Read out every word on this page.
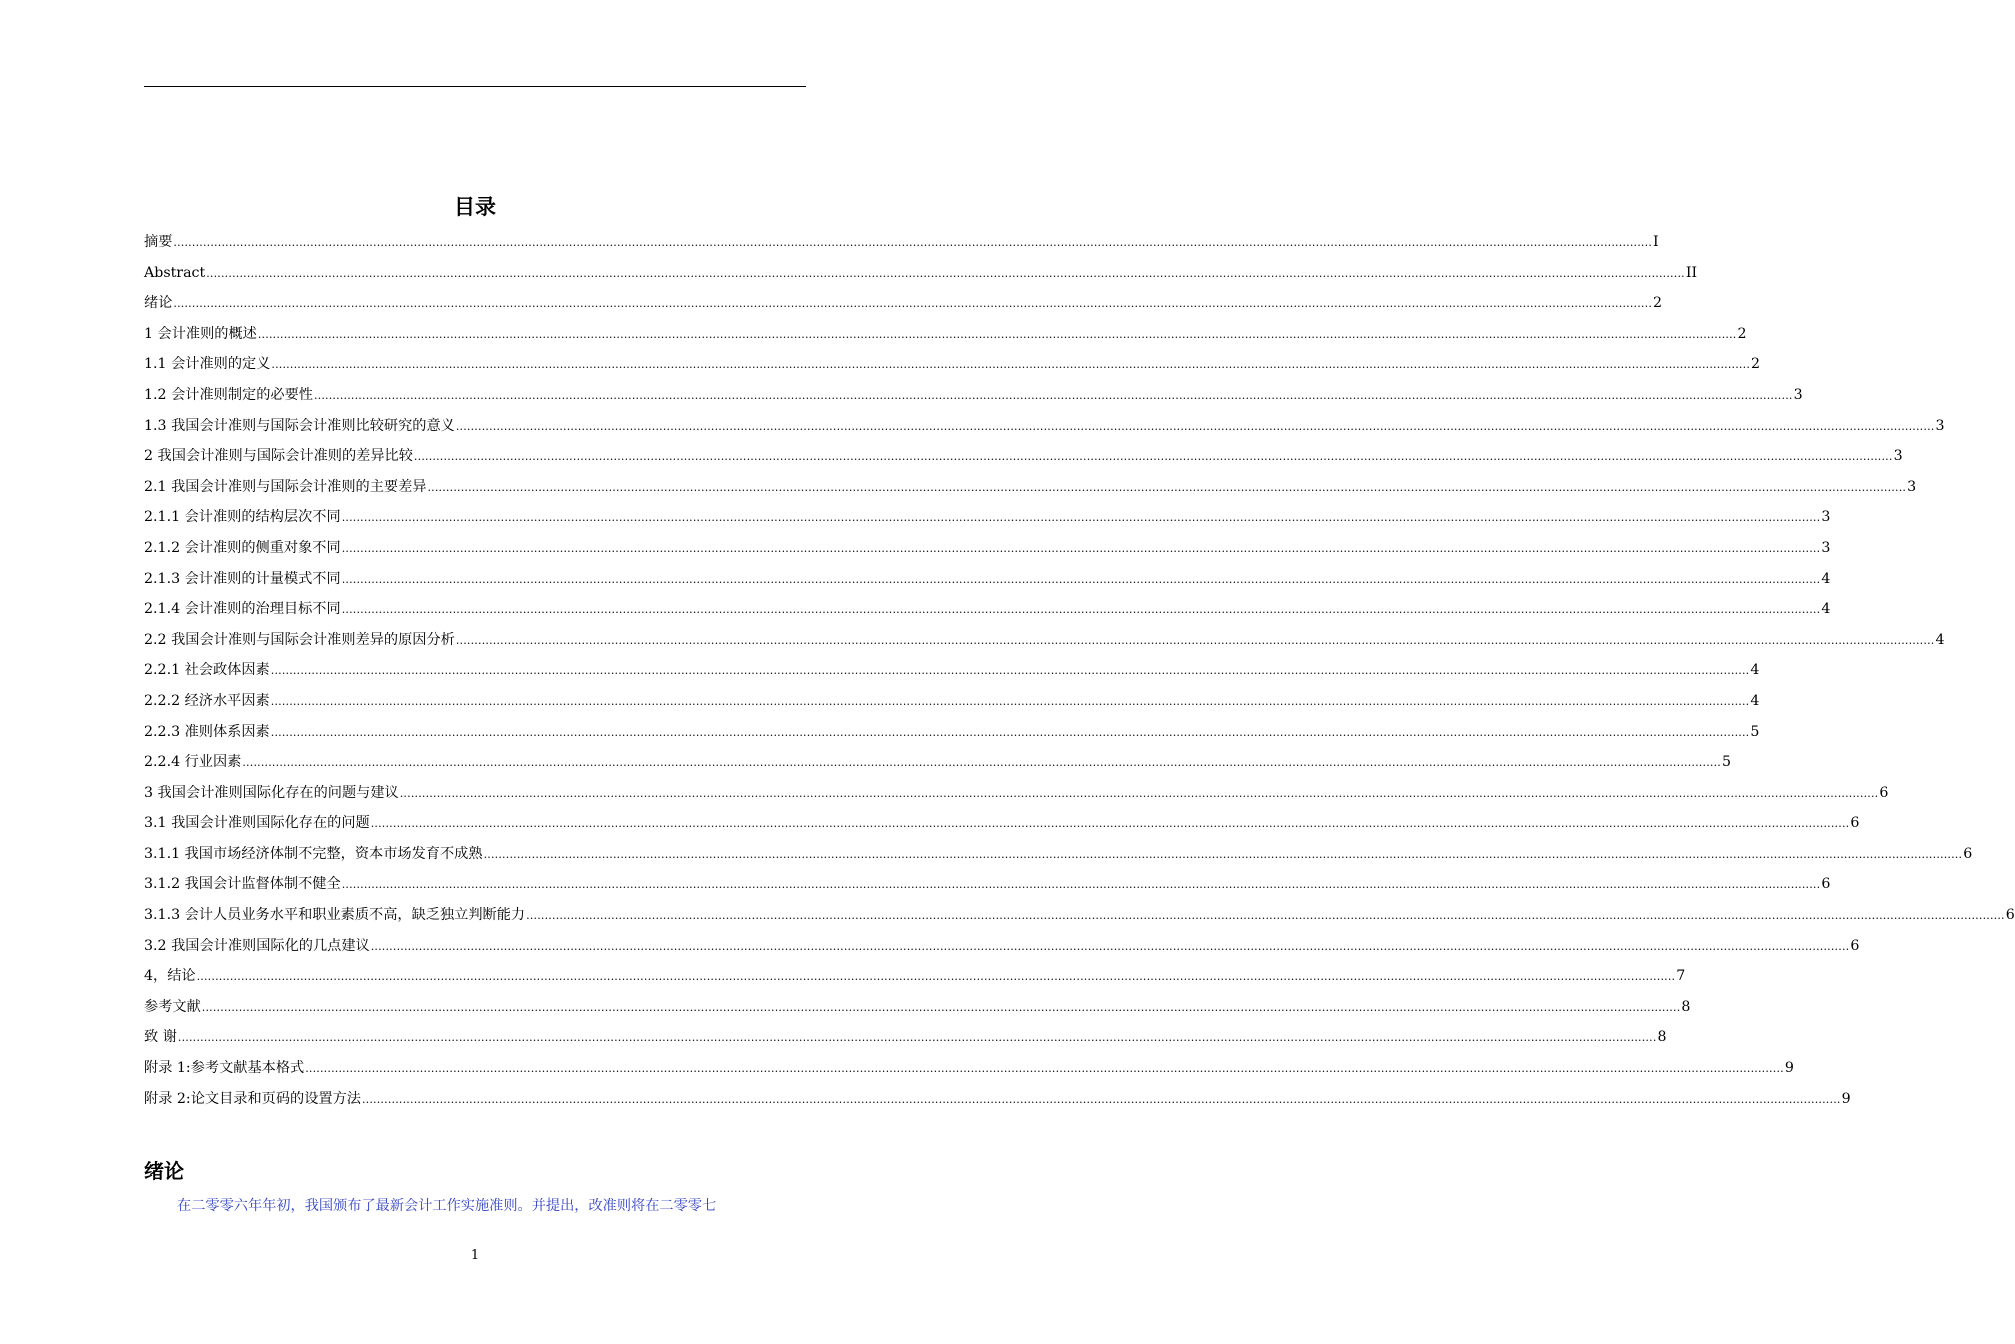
目录
摘要 ................................................................................................................................................................................................................................................................................................................................................................................................................ I
Abstract ................................................................................................................................................................................................................................................................................................................................................................................................................ II
绪论 ................................................................................................................................................................................................................................................................................................................................................................................................................ 2
1 会计准则的概述 ................................................................................................................................................................................................................................................................................................................................................................................................................ 2
1.1 会计准则的定义 ................................................................................................................................................................................................................................................................................................................................................................................................................ 2
1.2 会计准则制定的必要性 ................................................................................................................................................................................................................................................................................................................................................................................................................ 3
1.3 我国会计准则与国际会计准则比较研究的意义 ................................................................................................................................................................................................................................................................................................................................................................................................................ 3
2 我国会计准则与国际会计准则的差异比较 ................................................................................................................................................................................................................................................................................................................................................................................................................ 3
2.1 我国会计准则与国际会计准则的主要差异 ................................................................................................................................................................................................................................................................................................................................................................................................................ 3
2.1.1 会计准则的结构层次不同 ................................................................................................................................................................................................................................................................................................................................................................................................................ 3
2.1.2 会计准则的侧重对象不同 ................................................................................................................................................................................................................................................................................................................................................................................................................ 3
2.1.3 会计准则的计量模式不同 ................................................................................................................................................................................................................................................................................................................................................................................................................ 4
2.1.4 会计准则的治理目标不同 ................................................................................................................................................................................................................................................................................................................................................................................................................ 4
2.2 我国会计准则与国际会计准则差异的原因分析 ................................................................................................................................................................................................................................................................................................................................................................................................................ 4
2.2.1 社会政体因素 ................................................................................................................................................................................................................................................................................................................................................................................................................ 4
2.2.2 经济水平因素 ................................................................................................................................................................................................................................................................................................................................................................................................................ 4
2.2.3 准则体系因素 ................................................................................................................................................................................................................................................................................................................................................................................................................ 5
2.2.4 行业因素 ................................................................................................................................................................................................................................................................................................................................................................................................................ 5
3 我国会计准则国际化存在的问题与建议 ................................................................................................................................................................................................................................................................................................................................................................................................................ 6
3.1 我国会计准则国际化存在的问题 ................................................................................................................................................................................................................................................................................................................................................................................................................ 6
3.1.1 我国市场经济体制不完整，资本市场发育不成熟 ................................................................................................................................................................................................................................................................................................................................................................................................................ 6
3.1.2 我国会计监督体制不健全 ................................................................................................................................................................................................................................................................................................................................................................................................................ 6
3.1.3 会计人员业务水平和职业素质不高，缺乏独立判断能力 ................................................................................................................................................................................................................................................................................................................................................................................................................ 6
3.2 我国会计准则国际化的几点建议 ................................................................................................................................................................................................................................................................................................................................................................................................................ 6
4，结论 ................................................................................................................................................................................................................................................................................................................................................................................................................ 7
参考文献 ................................................................................................................................................................................................................................................................................................................................................................................................................ 8
致 谢 ................................................................................................................................................................................................................................................................................................................................................................................................................ 8
附录 1:参考文献基本格式 ................................................................................................................................................................................................................................................................................................................................................................................................................ 9
附录 2:论文目录和页码的设置方法 ................................................................................................................................................................................................................................................................................................................................................................................................................ 9
绪论

在二零零六年年初，我国颁布了最新会计工作实施准则。并提出，改准则将在二零零七

1
